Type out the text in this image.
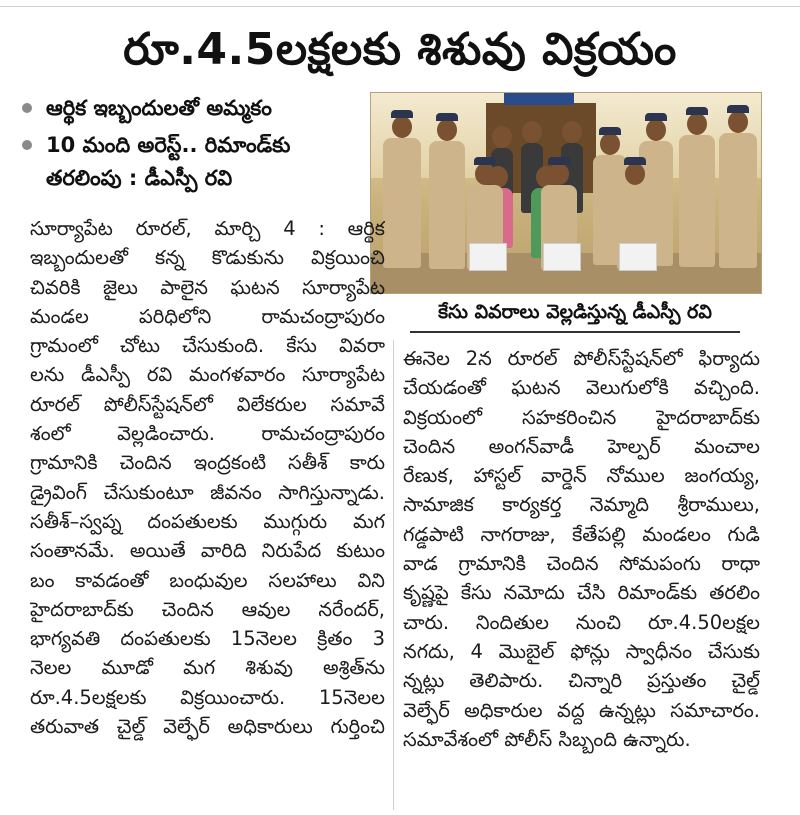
రూ.4.5లక్షలకు శిశువు విక్రయం
ఆర్థిక ఇబ్బందులతో అమ్మకం
10 మంది అరెస్ట్.. రిమాండ్‌కు
తరలింపు : డీఎస్పీ రవి
కేసు వివరాలు వెల్లడిస్తున్న డీఎస్పీ రవి
సూర్యాపేట రూరల్, మార్చి 4 : ఆర్థిక
ఇబ్బందులతో కన్న కొడుకును విక్రయించి
చివరికి జైలు పాలైన ఘటన సూర్యాపేట
మండల పరిధిలోని రామచంద్రాపురం
గ్రామంలో చోటు చేసుకుంది. కేసు వివరా
లను డీఎస్పీ రవి మంగళవారం సూర్యాపేట
రూరల్ పోలీస్‌స్టేషన్‌లో విలేకరుల సమావే
శంలో వెల్లడించారు. రామచంద్రాపురం
గ్రామానికి చెందిన ఇంద్రకంటి సతీశ్ కారు
డ్రైవింగ్ చేసుకుంటూ జీవనం సాగిస్తున్నాడు.
సతీశ్–స్వప్న దంపతులకు ముగ్గురు మగ
సంతానమే. అయితే వారిది నిరుపేద కుటుం
బం కావడంతో బంధువుల సలహాలు విని
హైదరాబాద్‌కు చెందిన ఆవుల నరేందర్,
భాగ్యవతి దంపతులకు 15నెలల క్రితం 3
నెలల మూడో మగ శిశువు అశ్రిత్‌ను
రూ.4.5లక్షలకు విక్రయించారు. 15నెలల
తరువాత చైల్డ్ వెల్ఫేర్ అధికారులు గుర్తించి
ఈనెల 2న రూరల్ పోలీస్‌స్టేషన్‌లో ఫిర్యాదు
చేయడంతో ఘటన వెలుగులోకి వచ్చింది.
విక్రయంలో సహకరించిన హైదరాబాద్‌కు
చెందిన అంగన్‌వాడీ హెల్పర్ మంచాల
రేణుక, హాస్టల్ వార్డెన్ నోముల జంగయ్య,
సామాజిక కార్యకర్త నెమ్మాది శ్రీరాములు,
గడ్డపాటి నాగరాజు, కేతేపల్లి మండలం గుడి
వాడ గ్రామానికి చెందిన సోమపంగు రాధా
కృష్ణపై కేసు నమోదు చేసి రిమాండ్‌కు తరలిం
చారు. నిందితుల నుంచి రూ.4.50లక్షల
నగదు, 4 మొబైల్ ఫోన్లు స్వాధీనం చేసుకు
న్నట్లు తెలిపారు. చిన్నారి ప్రస్తుతం చైల్డ్
వెల్ఫేర్ అధికారుల వద్ద ఉన్నట్లు సమాచారం.
సమావేశంలో పోలీస్ సిబ్బంది ఉన్నారు.
